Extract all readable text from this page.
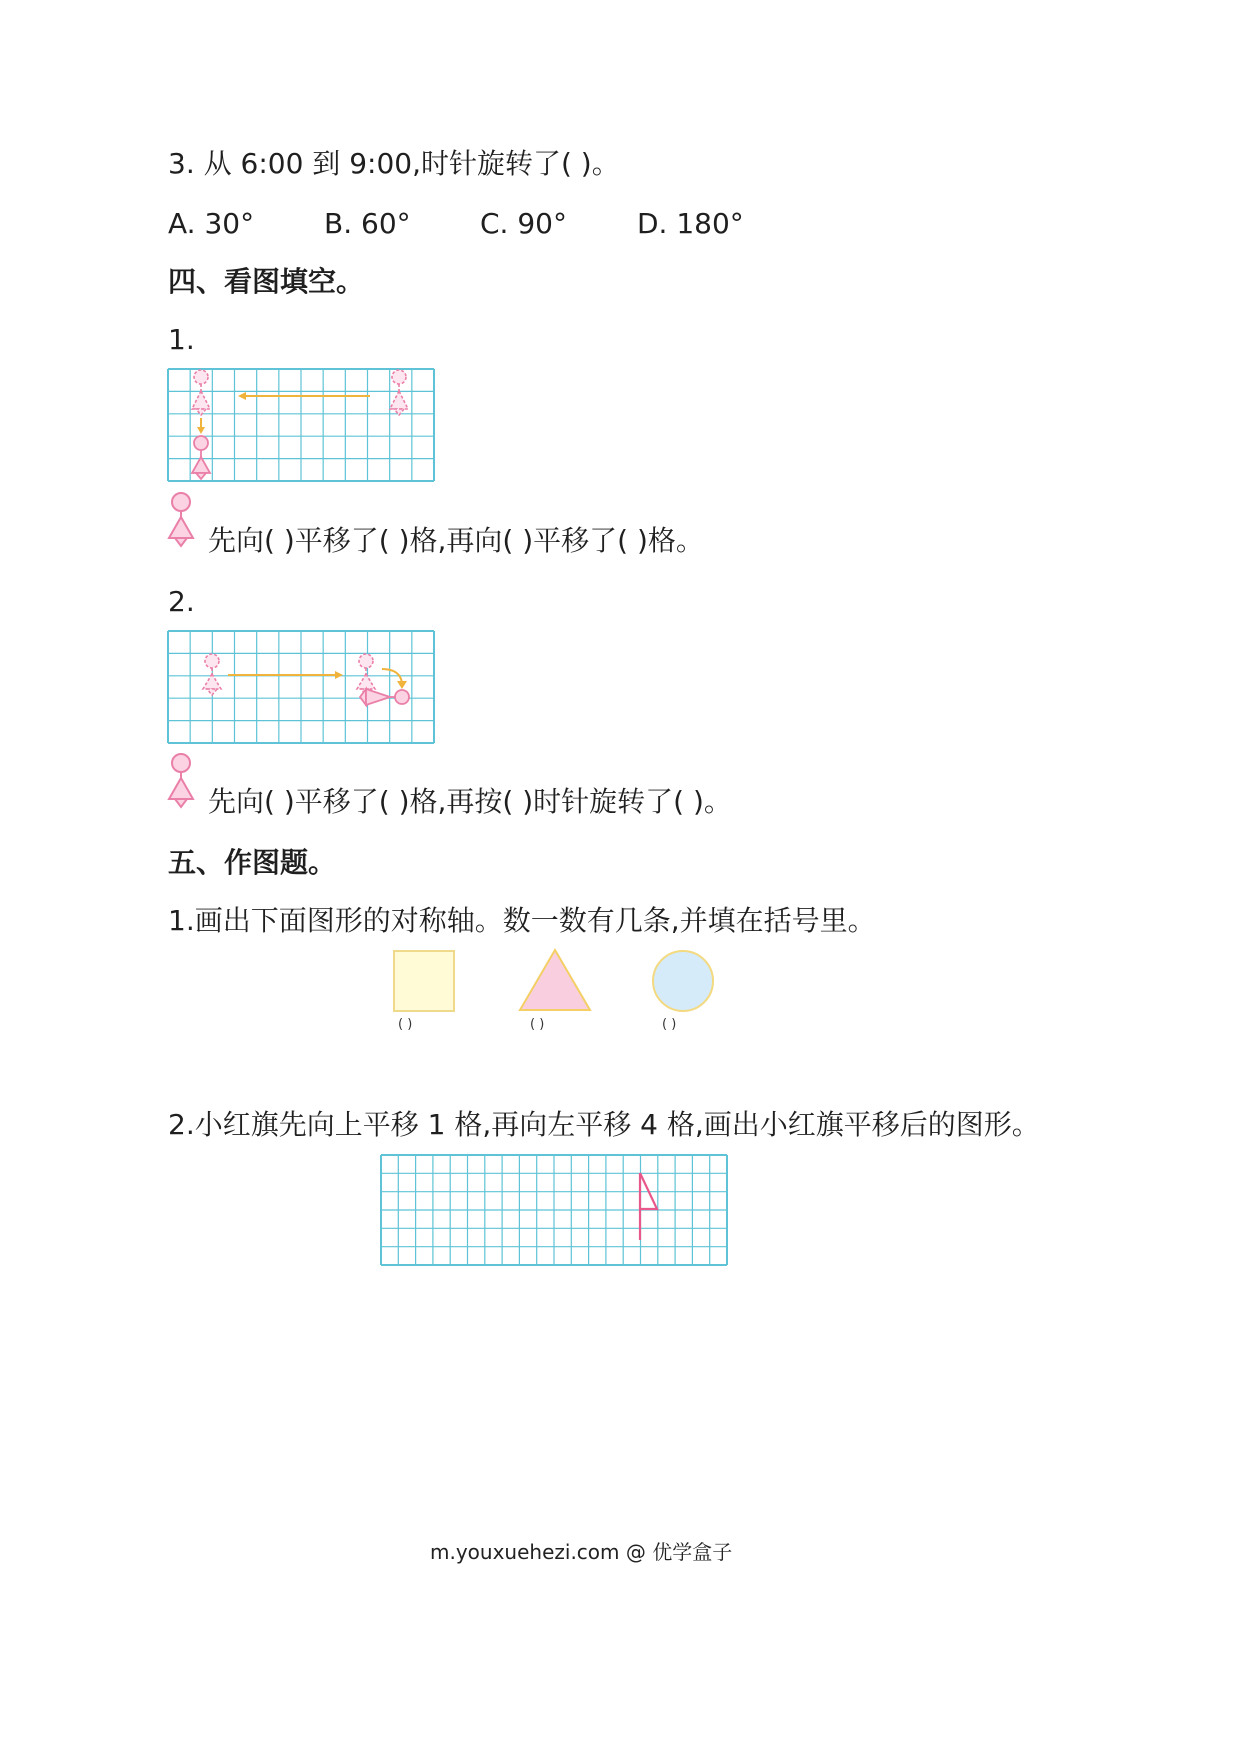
3. 从 6:00 到 9:00,时针旋转了( )。
A. 30° B. 60° C. 90°	D. 180°
四、看图填空。
1.
先向( )平移了( )格,再向( )平移了( )格。
2.
先向( )平移了( )格,再按( )时针旋转了( )。
五、作图题。
1.画出下面图形的对称轴。数一数有几条,并填在括号里。
( )	( )	( )
2.小红旗先向上平移 1 格,再向左平移 4 格,画出小红旗平移后的图形。
m.youxuehezi.com @ 优学盒子
